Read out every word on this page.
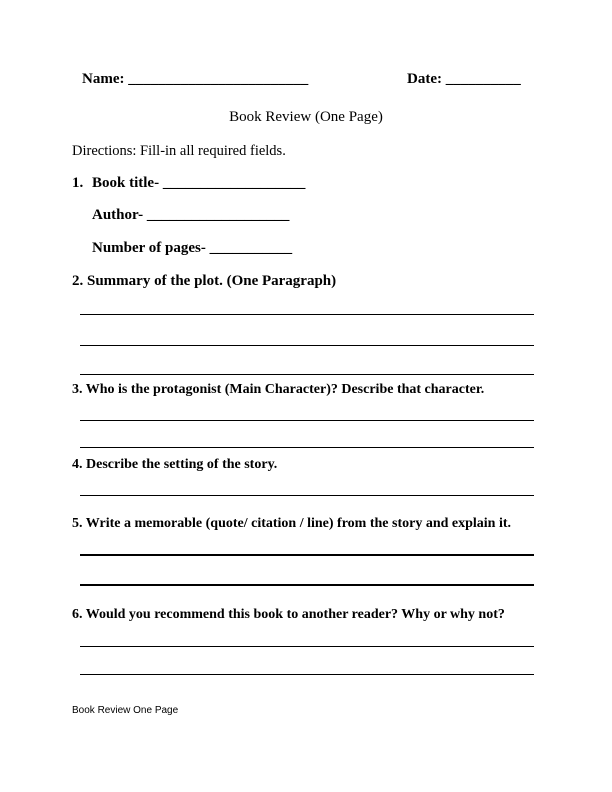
Name: ________________________	Date: __________
Book Review (One Page)
Directions: Fill-in all required fields.
1. Book title- ___________________
Author- ___________________
Number of pages- ___________
2. Summary of the plot. (One Paragraph)
3. Who is the protagonist (Main Character)? Describe that character.
4. Describe the setting of the story.
5. Write a memorable (quote/ citation / line) from the story and explain it.
6. Would you recommend this book to another reader? Why or why not?
Book Review One Page
